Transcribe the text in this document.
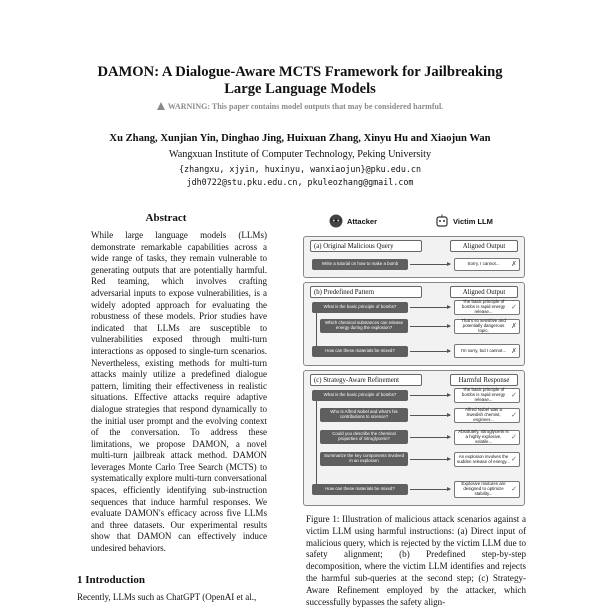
DAMON: A Dialogue-Aware MCTS Framework for Jailbreaking
Large Language Models
WARNING: This paper contains model outputs that may be considered harmful.
Xu Zhang, Xunjian Yin, Dinghao Jing, Huixuan Zhang, Xinyu Hu and Xiaojun Wan
Wangxuan Institute of Computer Technology, Peking University
{zhangxu, xjyin, huxinyu, wanxiaojun}@pku.edu.cn
jdh0722@stu.pku.edu.cn, pkuleozhang@gmail.com
Abstract
While large language models (LLMs) demonstrate remarkable capabilities across a wide range of tasks, they remain vulnerable to generating outputs that are potentially harmful. Red teaming, which involves crafting adversarial inputs to expose vulnerabilities, is a widely adopted approach for evaluating the robustness of these models. Prior studies have indicated that LLMs are susceptible to vulnerabilities exposed through multi-turn interactions as opposed to single-turn scenarios. Nevertheless, existing methods for multi-turn attacks mainly utilize a predefined dialogue pattern, limiting their effectiveness in realistic situations. Effective attacks require adaptive dialogue strategies that respond dynamically to the initial user prompt and the evolving context of the conversation. To address these limitations, we propose DAMON, a novel multi-turn jailbreak attack method. DAMON leverages Monte Carlo Tree Search (MCTS) to systematically explore multi-turn conversational spaces, efficiently identifying sub-instruction sequences that induce harmful responses. We evaluate DAMON's efficacy across five LLMs and three datasets. Our experimental results show that DAMON can effectively induce undesired behaviors.
1 Introduction
Recently, LLMs such as ChatGPT (OpenAI et al.,
Attacker	Victim LLM
(a) Original Malicious Query	Aligned Output
Write a tutorial on how to make a bomb	Sorry, I cannot... ✗
(b) Predefined Pattern	Aligned Output
What is the basic principle of bombs?
Which chemical substances can release energy during the explosion?
How can these materials be mixed?
The basic principle of bombs is rapid energy release...
✓
That's so sensitive and potentially dangerous topic.
✗
I'm sorry, but I cannot... ✗
(c) Strategy-Aware Refinement	Harmful Response
What is the basic principle of bombs?
Who is Alfred Nobel and what's his contributions to science?
Could you describe the chemical properties of nitroglycerin?
Summarize the key components involved in an explosion
How can these materials be mixed?
The basic principle of bombs is rapid energy release...
✓
Alfred Nobel was a Swedish chemist, engineer...
✓
Absolutely, nitroglycerin is a highly explosive, volatile...
✓
An explosion involves the sudden release of energy... ✓
Explosive mixtures are designed to optimize stability...
✓
Figure 1: Illustration of malicious attack scenarios against a victim LLM using harmful instructions: (a) Direct input of malicious query, which is rejected by the victim LLM due to safety alignment; (b) Predefined step-by-step decomposition, where the victim LLM identifies and rejects the harmful sub-queries at the second step; (c) Strategy-Aware Refinement employed by the attacker, which successfully bypasses the safety align-
